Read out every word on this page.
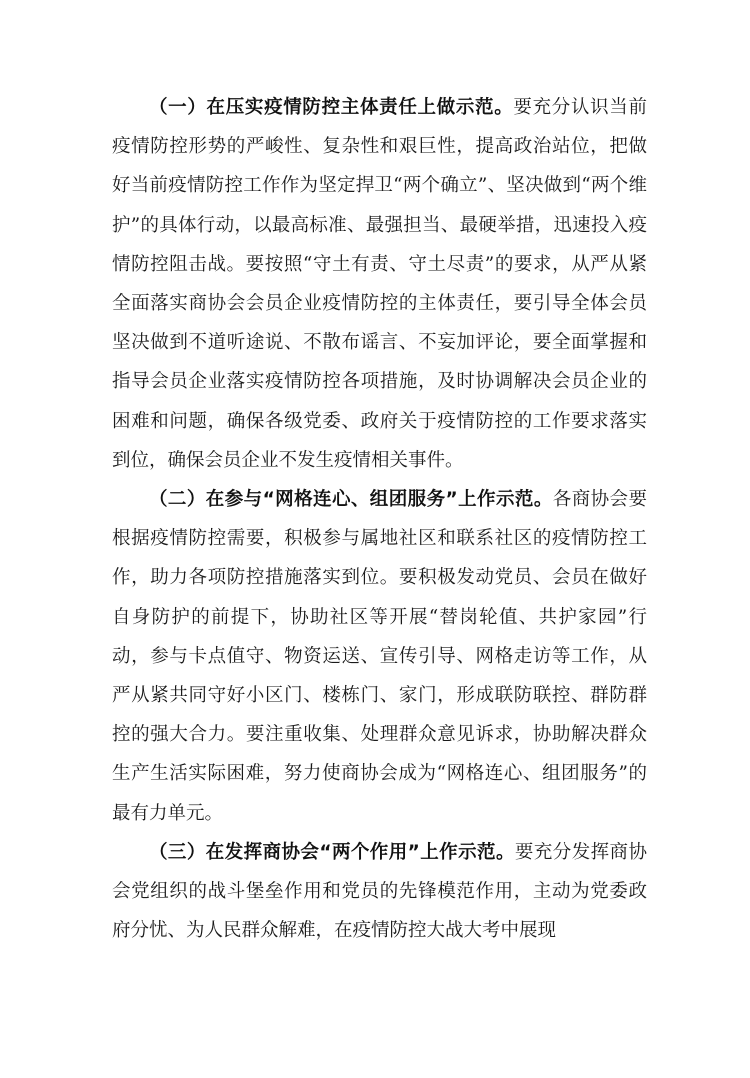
（一）在压实疫情防控主体责任上做示范。要充分认识当前疫情防控形势的严峻性、复杂性和艰巨性，提高政治站位，把做好当前疫情防控工作作为坚定捍卫“两个确立”、坚决做到“两个维护”的具体行动，以最高标准、最强担当、最硬举措，迅速投入疫情防控阻击战。要按照“守土有责、守土尽责”的要求，从严从紧全面落实商协会会员企业疫情防控的主体责任，要引导全体会员坚决做到不道听途说、不散布谣言、不妄加评论，要全面掌握和指导会员企业落实疫情防控各项措施，及时协调解决会员企业的困难和问题，确保各级党委、政府关于疫情防控的工作要求落实到位，确保会员企业不发生疫情相关事件。

（二）在参与“网格连心、组团服务”上作示范。各商协会要根据疫情防控需要，积极参与属地社区和联系社区的疫情防控工作，助力各项防控措施落实到位。要积极发动党员、会员在做好自身防护的前提下，协助社区等开展“替岗轮值、共护家园”行动，参与卡点值守、物资运送、宣传引导、网格走访等工作，从严从紧共同守好小区门、楼栋门、家门，形成联防联控、群防群控的强大合力。要注重收集、处理群众意见诉求，协助解决群众生产生活实际困难，努力使商协会成为“网格连心、组团服务”的最有力单元。

（三）在发挥商协会“两个作用”上作示范。要充分发挥商协会党组织的战斗堡垒作用和党员的先锋模范作用，主动为党委政府分忧、为人民群众解难，在疫情防控大战大考中展现
